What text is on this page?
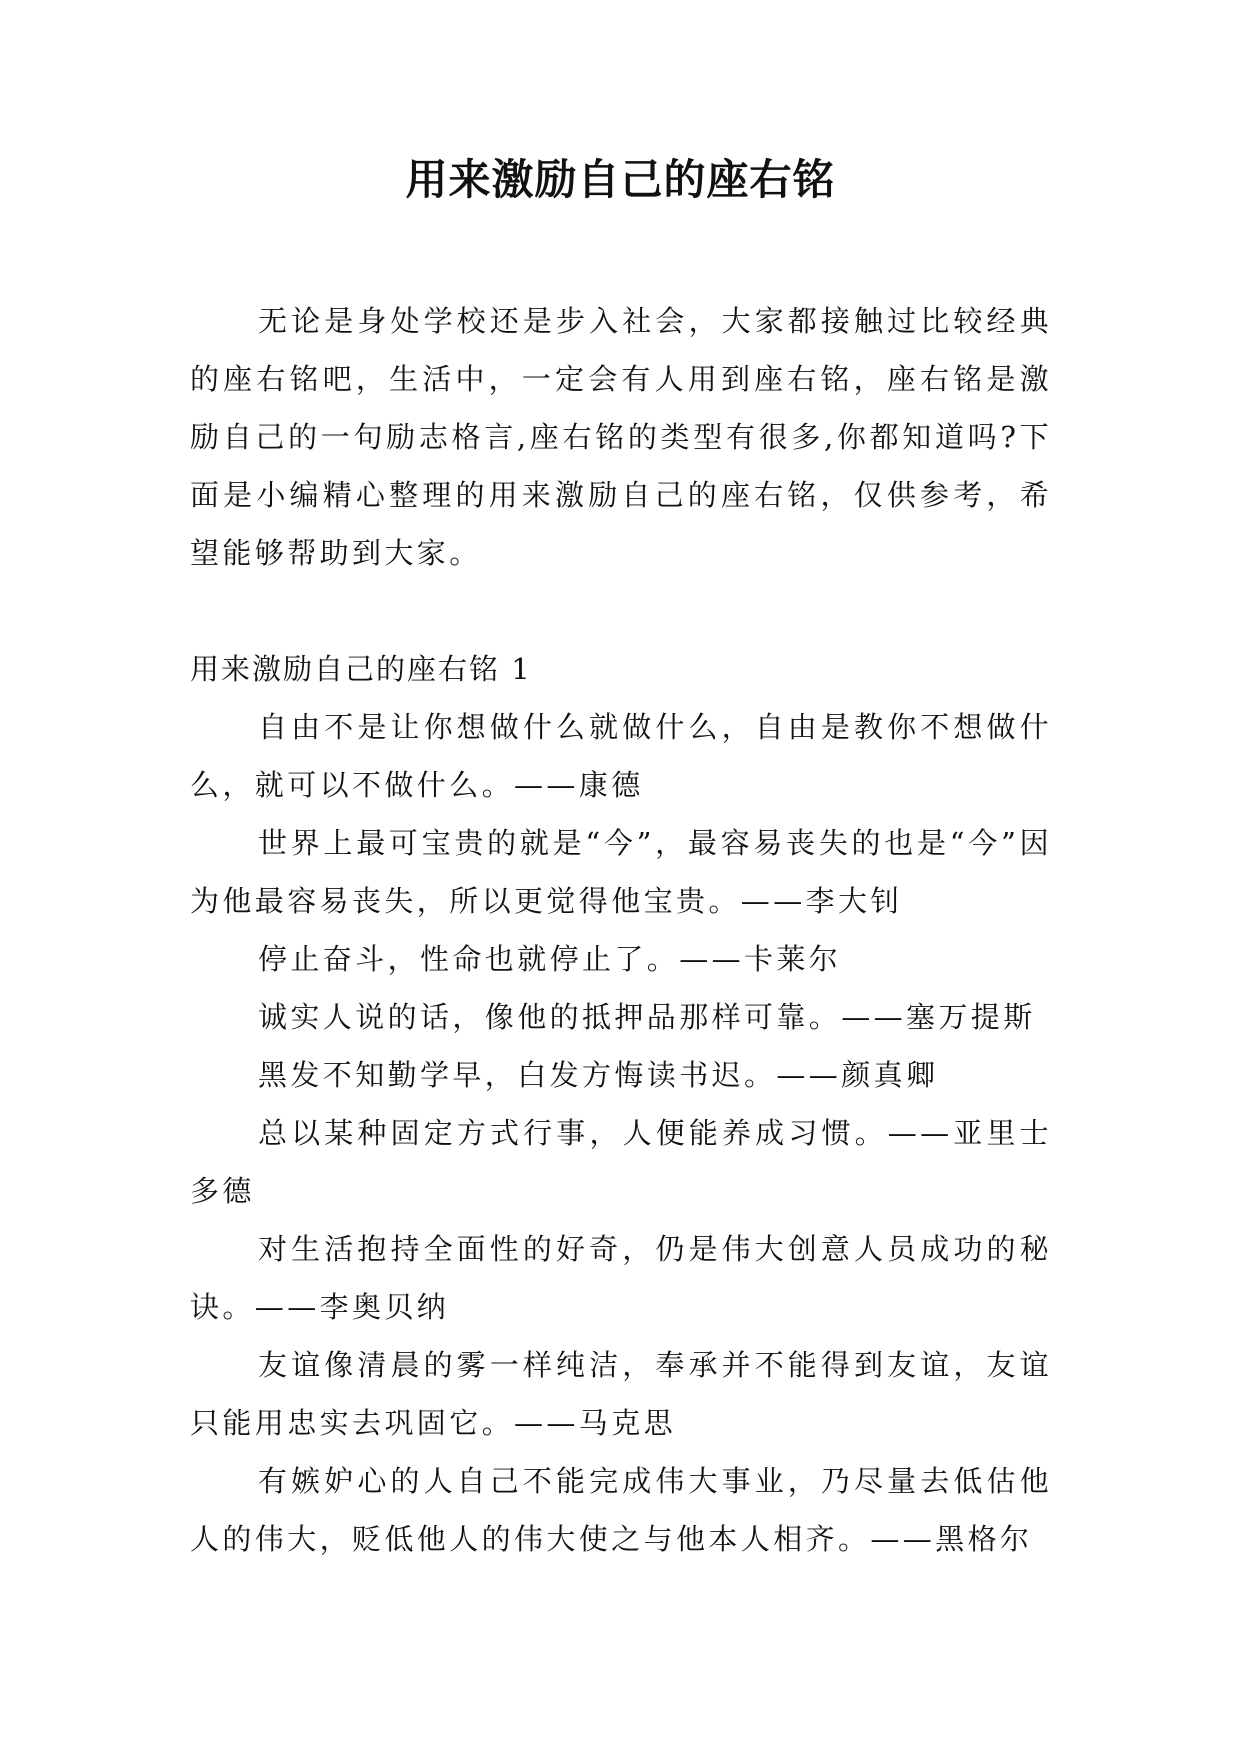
用来激励自己的座右铭

无论是身处学校还是步入社会，大家都接触过比较经典的座右铭吧，生活中，一定会有人用到座右铭，座右铭是激励自己的一句励志格言,座右铭的类型有很多,你都知道吗?下面是小编精心整理的用来激励自己的座右铭，仅供参考，希望能够帮助到大家。

用来激励自己的座右铭 1

自由不是让你想做什么就做什么，自由是教你不想做什么，就可以不做什么。——康德

世界上最可宝贵的就是“今”，最容易丧失的也是“今”因为他最容易丧失，所以更觉得他宝贵。——李大钊

停止奋斗，性命也就停止了。——卡莱尔

诚实人说的话，像他的抵押品那样可靠。——塞万提斯

黑发不知勤学早，白发方悔读书迟。——颜真卿

总以某种固定方式行事，人便能养成习惯。——亚里士多德

对生活抱持全面性的好奇，仍是伟大创意人员成功的秘诀。——李奥贝纳

友谊像清晨的雾一样纯洁，奉承并不能得到友谊，友谊只能用忠实去巩固它。——马克思

有嫉妒心的人自己不能完成伟大事业，乃尽量去低估他人的伟大，贬低他人的伟大使之与他本人相齐。——黑格尔
